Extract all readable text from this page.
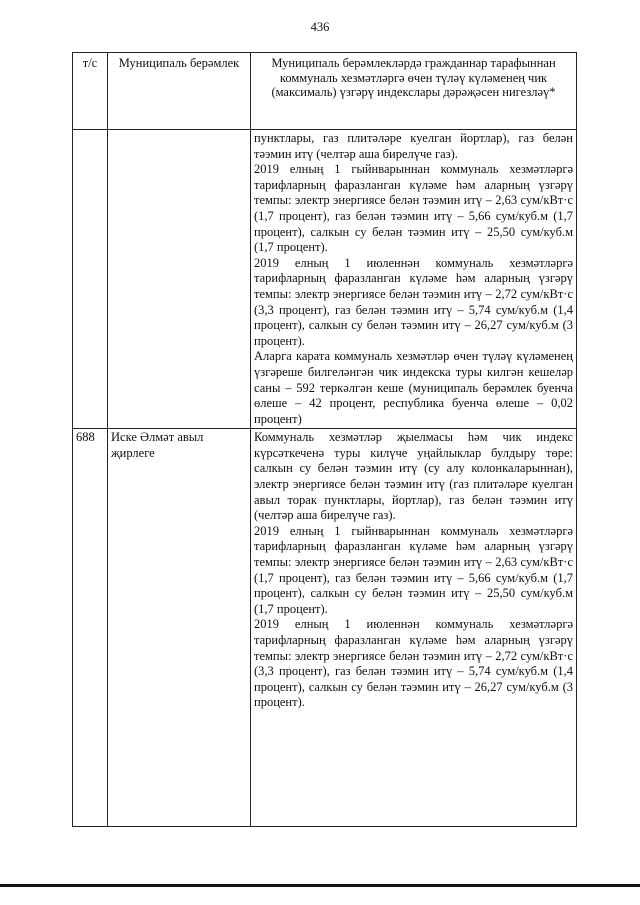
436
т/с	Муниципаль берәмлек	Муниципаль берәмлекләрдә гражданнар тарафыннан коммуналь хезмәтләргә өчен түләү күләменең чик (максималь) үзгәрү индекслары дәрәҗәсен нигезләү*

		пунктлары, газ плитәләре куелган йортлар), газ белән тәэмин итү (челтәр аша бирелүче газ).

2019 елның 1 гыйнварыннан коммуналь хезмәтләргә тарифларның фаразланган күләме һәм аларның үзгәрү темпы: электр энергиясе белән тәэмин итү – 2,63 сум/кВт·с (1,7 процент), газ белән тәэмин итү – 5,66 сум/куб.м (1,7 процент), салкын су белән тәэмин итү – 25,50 сум/куб.м (1,7 процент).

2019 елның 1 июленнән коммуналь хезмәтләргә тарифларның фаразланган күләме һәм аларның үзгәрү темпы: электр энергиясе белән тәэмин итү – 2,72 сум/кВт·с (3,3 процент), газ белән тәэмин итү – 5,74 сум/куб.м (1,4 процент), салкын су белән тәэмин итү – 26,27 сум/куб.м (3 процент).

Аларга карата коммуналь хезмәтләр өчен түләү күләменең үзгәреше билгеләнгән чик индекска туры килгән кешеләр саны – 592 теркәлгән кеше (муниципаль берәмлек буенча өлеше – 42 процент, республика буенча өлеше – 0,02 процент)

688	Иске Әлмәт авыл җирлеге	Коммуналь хезмәтләр җыелмасы һәм чик индекс күрсәткеченә туры килүче уңайлыклар булдыру төре: салкын су белән тәэмин итү (су алу колонкаларыннан), электр энергиясе белән тәэмин итү (газ плитәләре куелган авыл торак пунктлары, йортлар), газ белән тәэмин итү (челтәр аша бирелүче газ).

2019 елның 1 гыйнварыннан коммуналь хезмәтләргә тарифларның фаразланган күләме һәм аларның үзгәрү темпы: электр энергиясе белән тәэмин итү – 2,63 сум/кВт·с (1,7 процент), газ белән тәэмин итү – 5,66 сум/куб.м (1,7 процент), салкын су белән тәэмин итү – 25,50 сум/куб.м (1,7 процент).

2019 елның 1 июленнән коммуналь хезмәтләргә тарифларның фаразланган күләме һәм аларның үзгәрү темпы: электр энергиясе белән тәэмин итү – 2,72 сум/кВт·с (3,3 процент), газ белән тәэмин итү – 5,74 сум/куб.м (1,4 процент), салкын су белән тәэмин итү – 26,27 сум/куб.м (3 процент).
